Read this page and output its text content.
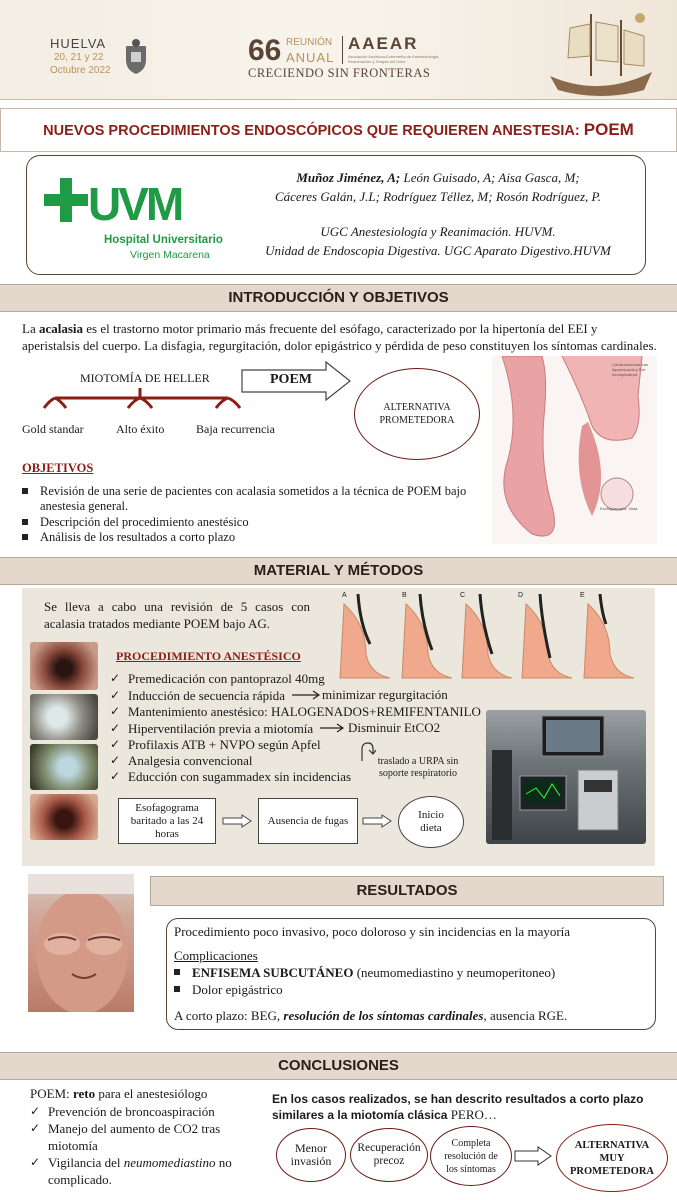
HUELVA
20, 21 y 22
Octubre 2022
66 REUNIÓN
ANUAL
AAEAR
Asociación Andaluza-Extremeña de Anestesiología, Reanimación y Terapia del Dolor
CRECIENDO SIN FRONTERAS
NUEVOS PROCEDIMIENTOS ENDOSCÓPICOS QUE REQUIEREN ANESTESIA: POEM
UVM
Hospital Universitario
Virgen Macarena
Muñoz Jiménez, A; León Guisado, A; Aisa Gasca, M;
Cáceres Galán, J.L; Rodríguez Téllez, M; Rosón Rodríguez, P.
UGC Anestesiología y Reanimación. HUVM.
Unidad de Endoscopia Digestiva. UGC Aparato Digestivo.HUVM
INTRODUCCIÓN Y OBJETIVOS
La acalasia es el trastorno motor primario más frecuente del esófago, caracterizado por la hipertonía del EEI y aperistalsis del cuerpo. La disfagia, regurgitación, dolor epigástrico y pérdida de peso constituyen los síntomas cardinales.
MIOTOMÍA DE HELLER
Gold standar	Alto éxito	Baja recurrencia
POEM
ALTERNATIVA PROMETEDORA
Cardiomiotomía tras laparoscopia y Dor funduplicatura
Esofagoscopia: Vista
OBJETIVOS
Revisión de una serie de pacientes con acalasia sometidos a la técnica de POEM bajo anestesia general.
Descripción del procedimiento anestésico
Análisis de los resultados a corto plazo
MATERIAL Y MÉTODOS
Se lleva a cabo una revisión de 5 casos con acalasia tratados mediante POEM bajo AG.
A	B	C	D	E
PROCEDIMIENTO ANESTÉSICO
✓ Premedicación con pantoprazol 40mg
✓ Inducción de secuencia rápida
✓ Mantenimiento anestésico: HALOGENADOS+REMIFENTANILO
✓ Hiperventilación previa a miotomía
✓ Profilaxis ATB + NVPO según Apfel
✓ Analgesia convencional
✓ Educción con sugammadex sin incidencias
minimizar regurgitación
Disminuir EtCO2
traslado a URPA sin soporte respiratorio
Esofagograma baritado a las 24 horas
Ausencia de fugas	Inicio dieta
RESULTADOS
Procedimiento poco invasivo, poco doloroso y sin incidencias en la mayoría
Complicaciones
ENFISEMA SUBCUTÁNEO (neumomediastino y neumoperitoneo)
Dolor epigástrico
A corto plazo: BEG, resolución de los síntomas cardinales, ausencia RGE.
CONCLUSIONES
POEM: reto para el anestesiólogo
✓ Prevención de broncoaspiración
✓ Manejo del aumento de CO2 tras miotomía
✓ Vigilancia del neumomediastino no complicado.
En los casos realizados, se han descrito resultados a corto plazo similares a la miotomía clásica PERO…
Menor invasión
Recuperación precoz
Completa resolución de los síntomas
ALTERNATIVA MUY PROMETEDORA
